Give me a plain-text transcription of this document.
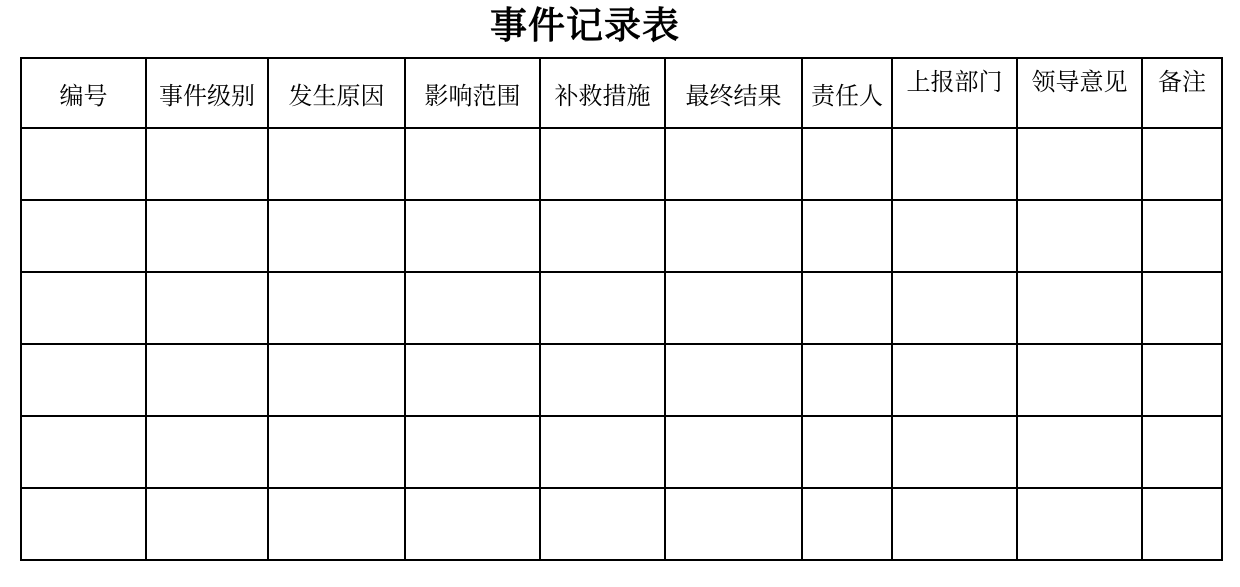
事件记录表
编号	事件级别	发生原因	影响范围	补救措施	最终结果	责任人	上报部门	领导意见	备注
